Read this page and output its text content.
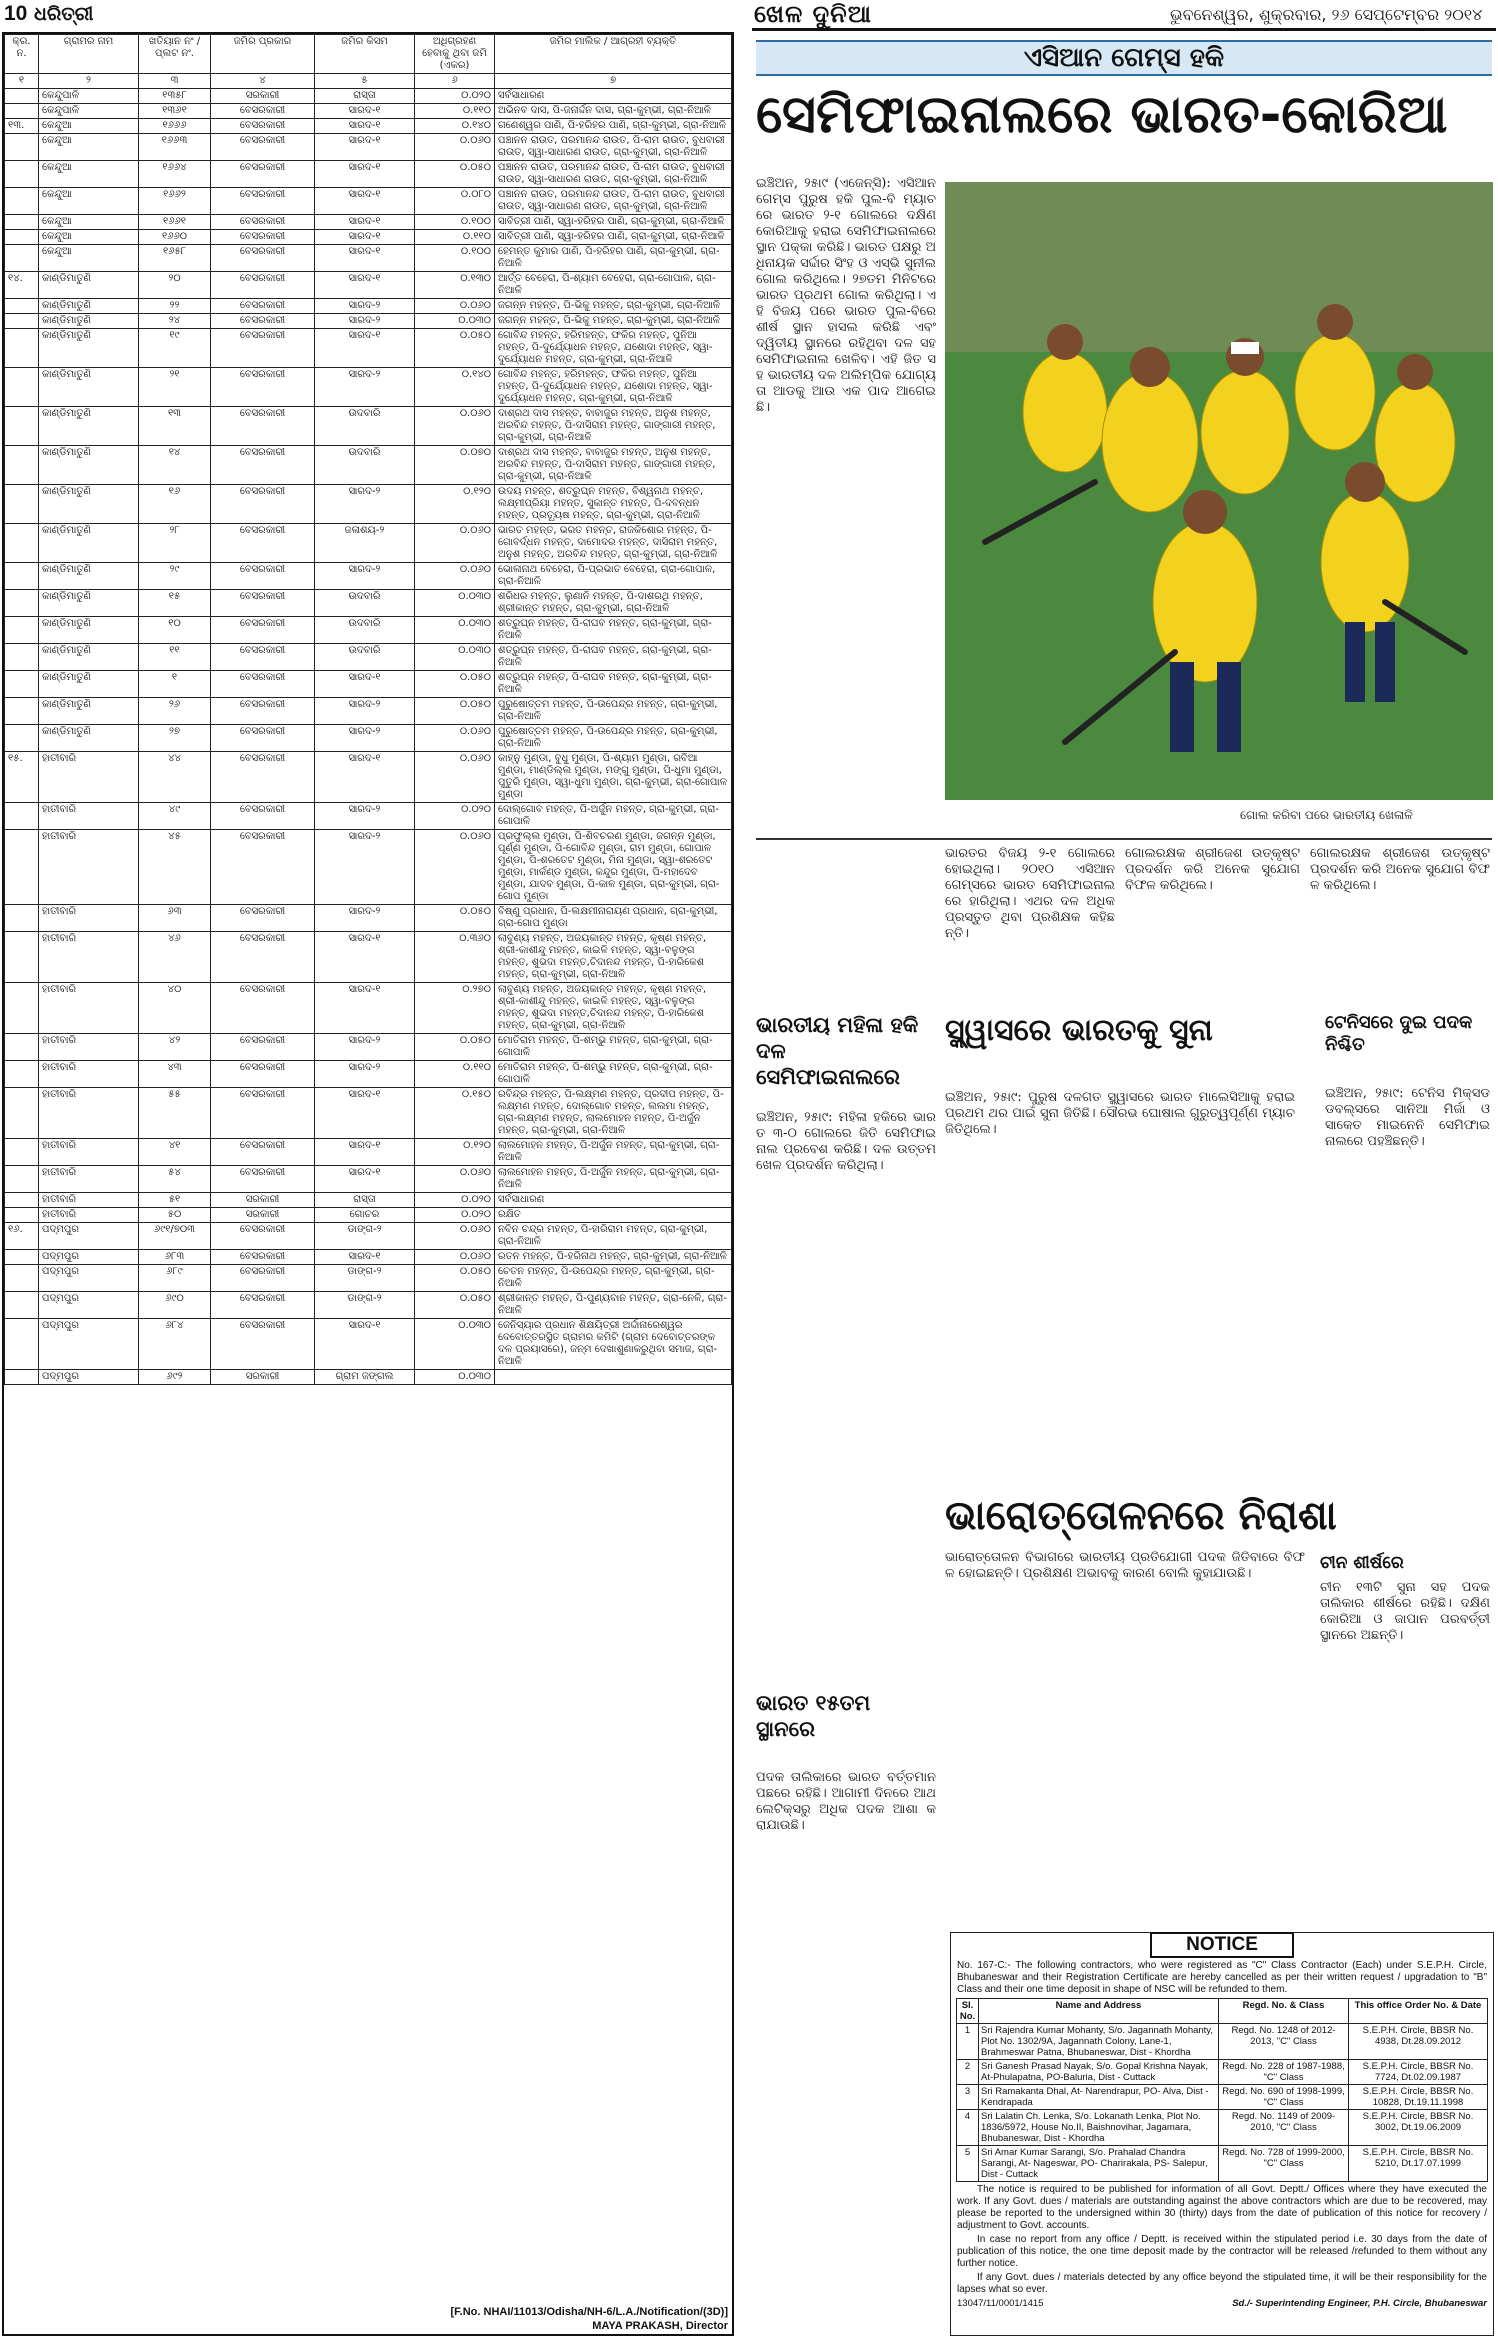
10 ଧରିତ୍ରୀ	ଖେଳ ଦୁନିଆ	ଭୁବନେଶ୍ୱର, ଶୁକ୍ରବାର, ୨୬ ସେପ୍ଟେମ୍ବର ୨୦୧୪
କ୍ର. ନ.	ଗ୍ରାମର ନାମ	ଖତିୟାନ ନଂ / ପ୍ଲଟ ନଂ.	ଜମିର ପ୍ରକାର	ଜମିର କିସମ	ଅଧିଗ୍ରହଣ ହେବାକୁ ଥିବା ଜମି (ଏକର)	ଜମିର ମାଲିକ / ଆଗ୍ରହୀ ବ୍ୟକ୍ତି
୧	୨	୩	୪	୫	୬	୭
	କେନ୍ଦୁପାଳି	୧୩୫୮	ସରକାରୀ	ରାସ୍ତା	୦.୦୨୦	ସର୍ବସାଧାରଣ
	କେନ୍ଦୁପାଳି	୧୩୬୧	ବେସରକାରୀ	ସାରଦ-୧	୦.୧୧୦	ଅଭିନବ ଦାସ, ପି-ଜନାର୍ଦ୍ଦନ ଦାସ, ଗ୍ରା-କୁମ୍ଭୀ, ଗ୍ରା-ନିଆଳି
୧୩.	କେନ୍ଦୁଆ	୧୬୬୬	ବେସରକାରୀ	ସାରଦ-୧	୦.୧୪୦	ଗଣେଶ୍ୱର ପାଣି, ପି-ହରିହର ପାଣି, ଗ୍ରା-କୁମ୍ଭୀ, ଗ୍ରା-ନିଆଳି
	କେନ୍ଦୁଆ	୧୬୬୩	ବେସରକାରୀ	ସାରଦ-୧	୦.୦୬୦	ପଞ୍ଚାନନ ରାଉତ, ପରମାନନ୍ଦ ରାଉତ, ପି-ରାମ ରାଉତ, ବୁଧବାରୀ ରାଉତ, ସ୍ୱା-ସାଧାରଣ ରାଉତ, ଗ୍ରା-କୁମ୍ଭୀ, ଗ୍ରା-ନିଆଳି
	କେନ୍ଦୁଆ	୧୬୬୪	ବେସରକାରୀ	ସାରଦ-୧	୦.୦୫୦	ପଞ୍ଚାନନ ରାଉତ, ପରମାନନ୍ଦ ରାଉତ, ପି-ରାମ ରାଉତ, ବୁଧବାରୀ ରାଉତ, ସ୍ୱା-ସାଧାରଣ ରାଉତ, ଗ୍ରା-କୁମ୍ଭୀ, ଗ୍ରା-ନିଆଳି
	କେନ୍ଦୁଆ	୧୬୬୨	ବେସରକାରୀ	ସାରଦ-୧	୦.୦୮୦	ପଞ୍ଚାନନ ରାଉତ, ପରମାନନ୍ଦ ରାଉତ, ପି-ରାମ ରାଉତ, ବୁଧବାରୀ ରାଉତ, ସ୍ୱା-ସାଧାରଣ ରାଉତ, ଗ୍ରା-କୁମ୍ଭୀ, ଗ୍ରା-ନିଆଳି
	କେନ୍ଦୁଆ	୧୬୬୧	ବେସରକାରୀ	ସାରଦ-୧	୦.୧୦୦	ସାବିତ୍ରୀ ପାଣି, ସ୍ୱା-ହରିହର ପାଣି, ଗ୍ରା-କୁମ୍ଭୀ, ଗ୍ରା-ନିଆଳି
	କେନ୍ଦୁଆ	୧୬୬୦	ବେସରକାରୀ	ସାରଦ-୧	୦.୧୧୦	ସାବିତ୍ରୀ ପାଣି, ସ୍ୱା-ହରିହର ପାଣି, ଗ୍ରା-କୁମ୍ଭୀ, ଗ୍ରା-ନିଆଳି
	କେନ୍ଦୁଆ	୧୬୫୮	ବେସରକାରୀ	ସାରଦ-୧	୦.୧୦୦	ହେମନ୍ତ କୁମାର ପାଣି, ପି-ହରିହର ପାଣି, ଗ୍ରା-କୁମ୍ଭୀ, ଗ୍ରା-ନିଆଳି
୧୪.	କାଣ୍ଡିମାତୁଣି	୨୦	ବେସରକାରୀ	ସାରଦ-୧	୦.୧୩୦	ଆର୍ତ୍ତ ବେହେରା, ପି-ଶ୍ୟାମ ବେହେରା, ଗ୍ରା-ଗୋପାଳ, ଗ୍ରା-ନିଆଳି
	କାଣ୍ଡିମାତୁଣି	୨୨	ବେସରକାରୀ	ସାରଦ-୨	୦.୦୬୦	ଜଗନ୍ନ ମହନ୍ତ, ପି-ଭିକୁ ମହନ୍ତ, ଗ୍ରା-କୁମ୍ଭୀ, ଗ୍ରା-ନିଆଳି
	କାଣ୍ଡିମାତୁଣି	୨୪	ବେସରକାରୀ	ସାରଦ-୨	୦.୦୩୦	ଜଗନ୍ନ ମହନ୍ତ, ପି-ଭିକୁ ମହନ୍ତ, ଗ୍ରା-କୁମ୍ଭୀ, ଗ୍ରା-ନିଆଳି
	କାଣ୍ଡିମାତୁଣି	୧୯	ବେସରକାରୀ	ସାରଦ-୧	୦.୦୫୦	ଗୋବିନ୍ଦ ମହନ୍ତ, ହରିମହନ୍ତ, ଫକିର ମହନ୍ତ, ପୁନିଆ ମହନ୍ତ, ପି-ଦୁର୍ଯ୍ୟୋଧନ ମହନ୍ତ, ଯଶୋଦା ମହନ୍ତ, ସ୍ୱା-ଦୁର୍ଯ୍ୟୋଧନ ମହନ୍ତ, ଗ୍ରା-କୁମ୍ଭୀ, ଗ୍ରା-ନିଆଳି
	କାଣ୍ଡିମାତୁଣି	୨୧	ବେସରକାରୀ	ସାରଦ-୨	୦.୧୪୦	ଗୋବିନ୍ଦ ମହନ୍ତ, ହରିମହନ୍ତ, ଫକିର ମହନ୍ତ, ପୁନିଆ ମହନ୍ତ, ପି-ଦୁର୍ଯ୍ୟୋଧନ ମହନ୍ତ, ଯଶୋଦା ମହନ୍ତ, ସ୍ୱା-ଦୁର୍ଯ୍ୟୋଧନ ମହନ୍ତ, ଗ୍ରା-କୁମ୍ଭୀ, ଗ୍ରା-ନିଆଳି
	କାଣ୍ଡିମାତୁଣି	୧୩	ବେସରକାରୀ	ଉଦବାରି	୦.୦୬୦	ଦାଶ୍ରଥ ଦାସ ମହନ୍ତ, ବାବାଜୁର ମହନ୍ତ, ଅନୁଶ ମହନ୍ତ, ଅରବିନ୍ଦ ମହନ୍ତ, ପି-ଦାସିରାମ ମହନ୍ତ, ଗାଙ୍ଗାରୀ ମହନ୍ତ, ଗ୍ରା-କୁମ୍ଭୀ, ଗ୍ରା-ନିଆଳି
	କାଣ୍ଡିମାତୁଣି	୧୪	ବେସରକାରୀ	ଉଦବାରି	୦.୦୭୦	ଦାଶ୍ରଥ ଦାସ ମହନ୍ତ, ବାବାଜୁର ମହନ୍ତ, ଅନୁଶ ମହନ୍ତ, ଅରବିନ୍ଦ ମହନ୍ତ, ପି-ଦାସିରାମ ମହନ୍ତ, ଗାଙ୍ଗାରୀ ମହନ୍ତ, ଗ୍ରା-କୁମ୍ଭୀ, ଗ୍ରା-ନିଆଳି
	କାଣ୍ଡିମାତୁଣି	୧୬	ବେସରକାରୀ	ସାରଦ-୨	୦.୧୨୦	ଉଦୟ ମହନ୍ତ, ଶତ୍ରୁଘ୍ନ ମହନ୍ତ, ବିଶ୍ୱନାଥ ମହନ୍ତ, ଲକ୍ଷ୍ମୀପ୍ରିୟା ମହନ୍ତ, ସୁକାନ୍ତ ମହନ୍ତ, ପି-ଦବନ୍ଧନ ମହନ୍ତ, ପ୍ରତ୍ୟୂଷ ମହନ୍ତ, ଗ୍ରା-କୁମ୍ଭୀ, ଗ୍ରା-ନିଆଳି
	କାଣ୍ଡିମାତୁଣି	୨୮	ବେସରକାରୀ	ଜଳାଶୟ-୨	୦.୦୬୦	ଭାରତ ମହନ୍ତ, ଭରତ ମହନ୍ତ, ରାଜକିଶୋର ମହନ୍ତ, ପି-ଗୋବର୍ଦ୍ଧନ ମହନ୍ତ, ଦାମୋଦର ମହନ୍ତ, ଦାସିରାମ ମହନ୍ତ, ଅନୁଶ ମହନ୍ତ, ଅରବିନ୍ଦ ମହନ୍ତ, ଗ୍ରା-କୁମ୍ଭୀ, ଗ୍ରା-ନିଆଳି
	କାଣ୍ଡିମାତୁଣି	୨୯	ବେସରକାରୀ	ସାରଦ-୨	୦.୦୬୦	ଭୋଳାନାଥ ବେହେରା, ପି-ପ୍ରଭାତ ବେହେରା, ଗ୍ରା-ଗୋପାଳ, ଗ୍ରା-ନିଆଳି
	କାଣ୍ଡିମାତୁଣି	୧୫	ବେସରକାରୀ	ଉଦବାରି	୦.୦୩୦	ଶରିଧର ମହନ୍ତ, ଲୁଣାନି ମହନ୍ତ, ପି-ଦାଶରଥି ମହନ୍ତ, ଶ୍ରୀକାନ୍ତ ମହନ୍ତ, ଗ୍ରା-କୁମ୍ଭୀ, ଗ୍ରା-ନିଆଳି
	କାଣ୍ଡିମାତୁଣି	୧୦	ବେସରକାରୀ	ଉଦବାରି	୦.୦୩୦	ଶତ୍ରୁଘ୍ନ ମହନ୍ତ, ପି-ରାଘବ ମହନ୍ତ, ଗ୍ରା-କୁମ୍ଭୀ, ଗ୍ରା-ନିଆଳି
	କାଣ୍ଡିମାତୁଣି	୧୧	ବେସରକାରୀ	ଉଦବାରି	୦.୦୩୦	ଶତ୍ରୁଘ୍ନ ମହନ୍ତ, ପି-ରାଘବ ମହନ୍ତ, ଗ୍ରା-କୁମ୍ଭୀ, ଗ୍ରା-ନିଆଳି
	କାଣ୍ଡିମାତୁଣି	୧	ବେସରକାରୀ	ସାରଦ-୧	୦.୦୫୦	ଶତ୍ରୁଘ୍ନ ମହନ୍ତ, ପି-ରାଘବ ମହନ୍ତ, ଗ୍ରା-କୁମ୍ଭୀ, ଗ୍ରା-ନିଆଳି
	କାଣ୍ଡିମାତୁଣି	୨୬	ବେସରକାରୀ	ସାରଦ-୨	୦.୦୫୦	ପୁରୁଷୋତ୍ତମ ମହନ୍ତ, ପି-ଉପେନ୍ଦ୍ର ମହନ୍ତ, ଗ୍ରା-କୁମ୍ଭୀ, ଗ୍ରା-ନିଆଳି
	କାଣ୍ଡିମାତୁଣି	୨୭	ବେସରକାରୀ	ସାରଦ-୨	୦.୦୬୦	ପୁରୁଷୋତ୍ତମ ମହନ୍ତ, ପି-ଉପେନ୍ଦ୍ର ମହନ୍ତ, ଗ୍ରା-କୁମ୍ଭୀ, ଗ୍ରା-ନିଆଳି
୧୫.	ହାତୀବାରି	୪୪	ବେସରକାରୀ	ସାରଦ-୧	୦.୦୬୦	କାହ୍ନୁ ମୁଣ୍ଡା, ବୁଧୁ ମୁଣ୍ଡା, ପି-ଶ୍ୟାମ ମୁଣ୍ଡା, ରବିଆ ମୁଣ୍ଡା, ମାଣ୍ଡିଲ୍ଲ ମୁଣ୍ଡା, ମଙ୍ଗୁ ମୁଣ୍ଡା, ପି-ଧୁମା ମୁଣ୍ଡା, ପୁତୁରି ମୁଣ୍ଡା, ସ୍ୱା-ଧୁମା ମୁଣ୍ଡା, ଗ୍ରା-କୁମ୍ଭୀ, ଗ୍ରା-ଗୋପାଳ ମୁଣ୍ଡା
	ହାତୀବାରି	୪୯	ବେସରକାରୀ	ସାରଦ-୨	୦.୦୨୦	ଦୋଲ୍ଗୋବ ମହନ୍ତ, ପି-ଅର୍ଜୁନ ମହନ୍ତ, ଗ୍ରା-କୁମ୍ଭୀ, ଗ୍ରା-ଗୋପାଳି
	ହାତୀବାରି	୪୫	ବେସରକାରୀ	ସାରଦ-୨	୦.୦୬୦	ପ୍ରଫୁଲ୍ଲ ମୁଣ୍ଡା, ପି-ଶିବଚରଣ ମୁଣ୍ଡା, ଜଗନ୍ନ ମୁଣ୍ଡା, ପୂର୍ଣ୍ଣ ମୁଣ୍ଡା, ପି-ଗୋବିନ୍ଦ ମୁଣ୍ଡା, ରାମ ମୁଣ୍ଡା, ଗୋପାଳ ମୁଣ୍ଡା, ପି-ଶରତେଟ ମୁଣ୍ଡା, ମିନା ମୁଣ୍ଡା, ସ୍ୱା-ଶରତେଟ ମୁଣ୍ଡା, ମାର୍କଣ୍ଡ ମୁଣ୍ଡା, କନ୍ଦୁର ମୁଣ୍ଡା, ପି-ମହାଦେବ ମୁଣ୍ଡା, ଯାଦବ ମୁଣ୍ଡା, ପି-କାଳ ମୁଣ୍ଡା, ଗ୍ରା-କୁମ୍ଭୀ, ଗ୍ରା-ଗୋପ ମୁଣ୍ଡା
	ହାତୀବାରି	୬୩	ବେସରକାରୀ	ସାରଦ-୨	୦.୦୫୦	ବିଷ୍ଣୁ ପ୍ରଧାନ, ପି-ଲକ୍ଷମୀନାରାୟଣ ପ୍ରଧାନ, ଗ୍ରା-କୁମ୍ଭୀ, ଗ୍ରା-ଗୋପ ମୁଣ୍ଡା
	ହାତୀବାରି	୪୬	ବେସରକାରୀ	ସାରଦ-୧	୦.୩୬୦	ଲାବୁଣ୍ୟ ମହନ୍ତ, ଅଜୟକାନ୍ତ ମହନ୍ତ, କୃଷ୍ଣ ମହନ୍ତ, ଶ୍ରୀ-କାଶୀନ୍ଦୁ ମହନ୍ତ, କାଇଳି ମହନ୍ତ, ସ୍ୱା-ବଳୁଙ୍ଗ ମହନ୍ତ, ଶୁଭଦା ମହନ୍ତ,ଚିଦାନନ୍ଦ ମହନ୍ତ, ପି-ହାରିକେଶ ମହନ୍ତ, ଗ୍ରା-କୁମ୍ଭୀ, ଗ୍ରା-ନିଆଳି
	ହାତୀବାରି	୪୦	ବେସରକାରୀ	ସାରଦ-୧	୦.୨୭୦	ଲାବୁଣ୍ୟ ମହନ୍ତ, ଅଜୟକାନ୍ତ ମହନ୍ତ, କୃଷ୍ଣ ମହନ୍ତ, ଶ୍ରୀ-କାଶୀନ୍ଦୁ ମହନ୍ତ, କାଇଳି ମହନ୍ତ, ସ୍ୱା-ବଳୁଙ୍ଗ ମହନ୍ତ, ଶୁଭଦା ମହନ୍ତ,ଚିଦାନନ୍ଦ ମହନ୍ତ, ପି-ହାରିକେଶ ମହନ୍ତ, ଗ୍ରା-କୁମ୍ଭୀ, ଗ୍ରା-ନିଆଳି
	ହାତୀବାରି	୪୨	ବେସରକାରୀ	ସାରଦ-୨	୦.୦୫୦	ମୋତିରାମ ମହନ୍ତ, ପି-ଶମ୍ଭୁ ମହନ୍ତ, ଗ୍ରା-କୁମ୍ଭୀ, ଗ୍ରା-ଗୋପାଳି
	ହାତୀବାରି	୪୩	ବେସରକାରୀ	ସାରଦ-୨	୦.୧୧୦	ମୋତିରାମ ମହନ୍ତ, ପି-ଶମ୍ଭୁ ମହନ୍ତ, ଗ୍ରା-କୁମ୍ଭୀ, ଗ୍ରା-ଗୋପାଳି
	ହାତୀବାରି	୫୫	ବେସରକାରୀ	ସାରଦ-୧	୦.୧୫୦	ରବିନ୍ଦ୍ର ମହନ୍ତ, ପି-ଲକ୍ଷ୍ମଣ ମହନ୍ତ, ପ୍ରଦୀପ ମହନ୍ତ, ପି-ଲକ୍ଷ୍ମଣ ମହନ୍ତ, ଦୋଲ୍ଗୋବ ମହନ୍ତ, ଲଲମା ମହନ୍ତ, ଗ୍ରା-ଲକ୍ଷ୍ମଣ ମହନ୍ତ, ଲାଲମୋହନ ମହନ୍ତ, ପି-ଅର୍ଜୁନ ମହନ୍ତ, ଗ୍ରା-କୁମ୍ଭୀ, ଗ୍ରା-ନିଆଳି
	ହାତୀବାରି	୪୧	ବେସରକାରୀ	ସାରଦ-୧	୦.୧୨୦	ଲାଲମୋହନ ମହନ୍ତ, ପି-ଅର୍ଜୁନ ମହନ୍ତ, ଗ୍ରା-କୁମ୍ଭୀ, ଗ୍ରା-ନିଆଳି
	ହାତୀବାରି	୫୪	ବେସରକାରୀ	ସାରଦ-୧	୦.୦୬୦	ଲାଲମୋହନ ମହନ୍ତ, ପି-ଅର୍ଜୁନ ମହନ୍ତ, ଗ୍ରା-କୁମ୍ଭୀ, ଗ୍ରା-ନିଆଳି
	ହାତୀବାରି	୫୧	ସରକାରୀ	ରାସ୍ତା	୦.୦୨୦	ସର୍ବସାଧାରଣ
	ହାତୀବାରି	୫୦	ସରକାରୀ	ଗୋଚର	୦.୦୨୦	ରକ୍ଷିତ
୧୬.	ପଦ୍ମପୁର	୬୯୧/୭୦୩	ବେସରକାରୀ	ଡାଙ୍ଗ-୨	୦.୦୬୦	ନବିନ ଚନ୍ଦ୍ର ମହନ୍ତ, ପି-ହାରିରାମ ମହନ୍ତ, ଗ୍ରା-କୁମ୍ଭୀ, ଗ୍ରା-ନିଆଳି
	ପଦ୍ମପୁର	୬୮୩	ବେସରକାରୀ	ସାରଦ-୧	୦.୦୬୦	ରତନ ମହନ୍ତ, ପି-ହରିନାଥ ମହନ୍ତ, ଗ୍ରା-କୁମ୍ଭୀ, ଗ୍ରା-ନିଆଳି
	ପଦ୍ମପୁର	୬୮୯	ବେସରକାରୀ	ଡାଙ୍ଗ-୨	୦.୦୫୦	ଚେତନ ମହନ୍ତ, ପି-ଉପେନ୍ଦ୍ର ମହନ୍ତ, ଗ୍ରା-କୁମ୍ଭୀ, ଗ୍ରା-ନିଆଳି
	ପଦ୍ମପୁର	୬୯୦	ବେସରକାରୀ	ଡାଙ୍ଗ-୨	୦.୦୫୦	ଶ୍ରୀକାନ୍ତ ମହନ୍ତ, ପି-ପୁଣ୍ୟବାନ ମହନ୍ତ, ଗ୍ରା-ନେଳି, ଗ୍ରା-ନିଆଳି
	ପଦ୍ମପୁର	୬୮୪	ବେସରକାରୀ	ସାରଦ-୧	୦.୦୩୦	ଜେନିସ୍ୟାର ପ୍ରଧାନ ଶିକ୍ଷୟିତ୍ରୀ ଅର୍ଦ୍ଦାନାରେଶ୍ୱର ଦେବୋତ୍ତରସ୍ଥିତ ଗ୍ରାମର କମିଟି (ଗ୍ରାମ ଦେବୋତ୍ତରଙ୍କ ଦଳ ପ୍ରୟାସରେ), ଜନ୍ମ ଦେଖାଶୁଣାକରୁଥିବା ସମାଜ, ଗ୍ରା-ନିଆଳି
	ପଦ୍ମପୁର	୬୯୨	ସରକାରୀ	ଗ୍ରାମ ଜଙ୍ଗଲ	୦.୦୩୦	
[F.No. NHAI/11013/Odisha/NH-6/L.A./Notification/(3D)]
MAYA PRAKASH, Director
ଏସିଆନ ଗେମ୍ସ ହକି
ସେମିଫାଇନାଲରେ ଭାରତ-କୋରିଆ
ଇଞ୍ଚିଅନ, ୨୫ା୯ (ଏଜେନ୍ସି): ଏସିଆନ ଗେମ୍ସ ପୁରୁଷ ହକି ପୁଲ-ବି ମ୍ୟାଚରେ ଭାରତ ୨-୧ ଗୋଲରେ ଦକ୍ଷିଣ କୋରିଆକୁ ହରାଇ ସେମିଫାଇନାଲରେ ସ୍ଥାନ ପକ୍କା କରିଛି। ଭାରତ ପକ୍ଷରୁ ଅଧିନାୟକ ସର୍ଦ୍ଦାର ସିଂହ ଓ ଏସ୍‌ଭି ସୁନୀଲ ଗୋଲ କରିଥିଲେ। ୨୭ତମ ମିନିଟରେ ଭାରତ ପ୍ରଥମ ଗୋଲ କରିଥିଲା। ଏହି ବିଜୟ ପରେ ଭାରତ ପୁଲ-ବିରେ ଶୀର୍ଷ ସ୍ଥାନ ହାସଲ କରିଛି ଏବଂ ଦ୍ୱିତୀୟ ସ୍ଥାନରେ ରହିଥିବା ଦଳ ସହ ସେମିଫାଇନାଲ ଖେଳିବ। ଏହି ଜିତ ସହ ଭାରତୀୟ ଦଳ ଅଲିମ୍ପିକ ଯୋଗ୍ୟତା ଆଡକୁ ଆଉ ଏକ ପାଦ ଆଗେଇଛି।
ଗୋଲ କରିବା ପରେ ଭାରତୀୟ ଖେଳାଳି
ଭାରତର ବିଜୟ ୨-୧ ଗୋଲରେ ହୋଇଥିଲା। ୨୦୧୦ ଏସିଆନ ଗେମ୍ସରେ ଭାରତ ସେମିଫାଇନାଲରେ ହାରିଥିଲା। ଏଥର ଦଳ ଅଧିକ ପ୍ରସ୍ତୁତ ଥିବା ପ୍ରଶିକ୍ଷକ କହିଛନ୍ତି।
ଗୋଲରକ୍ଷକ ଶ୍ରୀଜେଶ ଉତ୍କୃଷ୍ଟ ପ୍ରଦର୍ଶନ କରି ଅନେକ ସୁଯୋଗ ବିଫଳ କରିଥିଲେ।
ଗୋଲରକ୍ଷକ ଶ୍ରୀଜେଶ ଉତ୍କୃଷ୍ଟ ପ୍ରଦର୍ଶନ କରି ଅନେକ ସୁଯୋଗ ବିଫଳ କରିଥିଲେ।
ଭାରତୀୟ ମହିଳା ହକି ଦଳ ସେମିଫାଇନାଲରେ
ଇଞ୍ଚିଅନ, ୨୫ା୯: ମହିଳା ହକିରେ ଭାରତ ୩-୦ ଗୋଲରେ ଜିତି ସେମିଫାଇନାଲ ପ୍ରବେଶ କରିଛି। ଦଳ ଉତ୍ତମ ଖେଳ ପ୍ରଦର୍ଶନ କରିଥିଲା।
ସ୍କ୍ୱାସରେ ଭାରତକୁ ସୁନା
ଇଞ୍ଚିଅନ, ୨୫ା୯: ପୁରୁଷ ଦଳଗତ ସ୍କ୍ୱାସରେ ଭାରତ ମାଲେସିଆକୁ ହରାଇ ପ୍ରଥମ ଥର ପାଇଁ ସୁନା ଜିତିଛି। ସୌରଭ ଘୋଷାଲ ଗୁରୁତ୍ୱପୂର୍ଣ୍ଣ ମ୍ୟାଚ ଜିତିଥିଲେ।
ଟେନିସରେ ଦୁଇ ପଦକ ନିଶ୍ଚିତ
ଇଞ୍ଚିଅନ, ୨୫ା୯: ଟେନିସ ମିକ୍ସଡ ଡବଲ୍ସରେ ସାନିଆ ମିର୍ଜା ଓ ସାକେତ ମାଇନେନି ସେମିଫାଇନାଲରେ ପହଞ୍ଚିଛନ୍ତି।
ଭାରୋତ୍ତୋଳନରେ ନିରାଶା
ଭାରୋତ୍ତୋଳନ ବିଭାଗରେ ଭାରତୀୟ ପ୍ରତିଯୋଗୀ ପଦକ ଜିତିବାରେ ବିଫଳ ହୋଇଛନ୍ତି। ପ୍ରଶିକ୍ଷଣ ଅଭାବକୁ କାରଣ ବୋଲି କୁହାଯାଉଛି।
ଭାରତ ୧୫ତମ ସ୍ଥାନରେ
ପଦକ ତାଲିକାରେ ଭାରତ ବର୍ତ୍ତମାନ ପଛରେ ରହିଛି। ଆଗାମୀ ଦିନରେ ଆଥଲେଟିକ୍ସରୁ ଅଧିକ ପଦକ ଆଶା କରାଯାଉଛି।
ଚୀନ ଶୀର୍ଷରେ
ଚୀନ ୧୩ଟି ସୁନା ସହ ପଦକ ତାଲିକାର ଶୀର୍ଷରେ ରହିଛି। ଦକ୍ଷିଣ କୋରିଆ ଓ ଜାପାନ ପରବର୍ତ୍ତୀ ସ୍ଥାନରେ ଅଛନ୍ତି।
NOTICE
No. 167-C:- The following contractors, who were registered as "C" Class Contractor (Each) under S.E.P.H. Circle, Bhubaneswar and their Registration Certificate are hereby cancelled as per their written request / upgradation to "B" Class and their one time deposit in shape of NSC will be refunded to them.
Sl. No.	Name and Address	Regd. No. & Class	This office Order No. & Date
1	Sri Rajendra Kumar Mohanty, S/o. Jagannath Mohanty, Plot No. 1302/9A, Jagannath Colony, Lane-1, Brahmeswar Patna, Bhubaneswar, Dist - Khordha	Regd. No. 1248 of 2012-2013, "C" Class	S.E.P.H. Circle, BBSR No. 4938, Dt.28.09.2012
2	Sri Ganesh Prasad Nayak, S/o. Gopal Krishna Nayak, At-Phulapatna, PO-Baluria, Dist - Cuttack	Regd. No. 228 of 1987-1988, "C" Class	S.E.P.H. Circle, BBSR No. 7724, Dt.02.09.1987
3	Sri Ramakanta Dhal, At- Narendrapur, PO- Alva, Dist - Kendrapada	Regd. No. 690 of 1998-1999, "C" Class	S.E.P.H. Circle, BBSR No. 10828, Dt.19.11.1998
4	Sri Lalatin Ch. Lenka, S/o. Lokanath Lenka, Plot No. 1836/5972, House No.II, Baishnovihar, Jagamara, Bhubaneswar, Dist - Khordha	Regd. No. 1149 of 2009-2010, "C" Class	S.E.P.H. Circle, BBSR No. 3002, Dt.19.06.2009
5	Sri Amar Kumar Sarangi, S/o. Prahalad Chandra Sarangi, At- Nageswar, PO- Charirakala, PS- Salepur, Dist - Cuttack	Regd. No. 728 of 1999-2000, "C" Class	S.E.P.H. Circle, BBSR No. 5210, Dt.17.07.1999
The notice is required to be published for information of all Govt. Deptt./ Offices where they have executed the work. If any Govt. dues / materials are outstanding against the above contractors which are due to be recovered, may please be reported to the undersigned within 30 (thirty) days from the date of publication of this notice for recovery / adjustment to Govt. accounts.
In case no report from any office / Deptt. is received within the stipulated period i.e. 30 days from the date of publication of this notice, the one time deposit made by the contractor will be released /refunded to them without any further notice.
If any Govt. dues / materials detected by any office beyond the stipulated time, it will be their responsibility for the lapses what so ever.
13047/11/0001/1415	Sd./- Superintending Engineer, P.H. Circle, Bhubaneswar
